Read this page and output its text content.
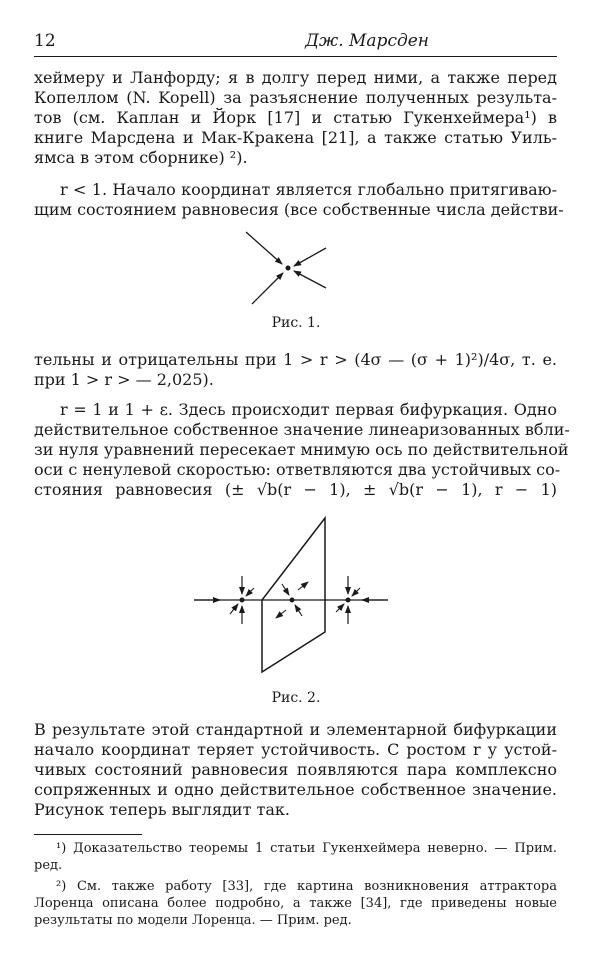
12	Дж. Марсден
хеймеру и Ланфорду; я в долгу перед ними, а также перед
Копеллом (N. Kopell) за разъяснение полученных результа-
тов (см. Каплан и Йорк [17] и статью Гукенхеймера¹) в
книге Марсдена и Мак-Кракена [21], а также статью Уиль-
ямса в этом сборнике) ²).
r < 1. Начало координат является глобально притягиваю-
щим состоянием равновесия (все собственные числа действи-
Рис. 1.
тельны и отрицательны при 1 > r > (4σ — (σ + 1)²)/4σ, т. е.
при 1 > r > — 2,025).
r = 1 и 1 + ε. Здесь происходит первая бифуркация. Одно
действительное собственное значение линеаризованных вбли-
зи нуля уравнений пересекает мнимую ось по действительной
оси с ненулевой скоростью: ответвляются два устойчивых со-
стояния равновесия (± √b(r − 1), ± √b(r − 1), r − 1)
Рис. 2.
В результате этой стандартной и элементарной бифуркации
начало координат теряет устойчивость. С ростом r у устой-
чивых состояний равновесия появляются пара комплексно
сопряженных и одно действительное собственное значение.
Рисунок теперь выглядит так.
¹) Доказательство теоремы 1 статьи Гукенхеймера неверно. — Прим.
ред.
²) См. также работу [33], где картина возникновения аттрактора
Лоренца описана более подробно, а также [34], где приведены новые
результаты по модели Лоренца. — Прим. ред.
